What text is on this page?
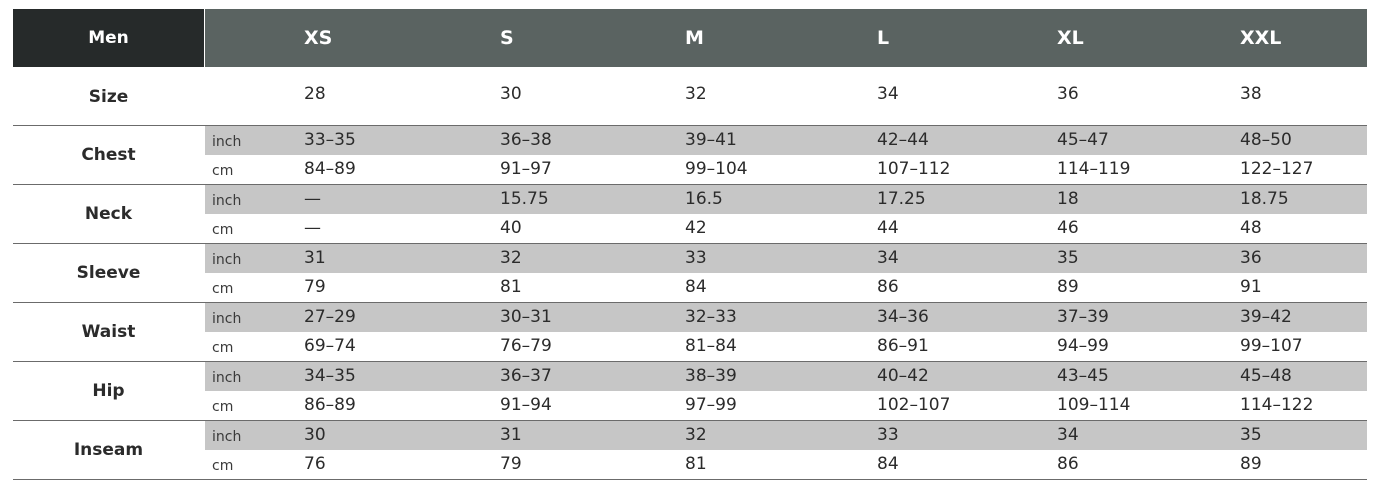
Men	XS	S	M	L	XL	XXL
Size	28	30	32	34	36	38
Chest
inch	33–35	36–38	39–41	42–44	45–47	48–50
cm	84–89	91–97	99–104	107–112	114–119	122–127
Neck
inch	—	15.75	16.5	17.25	18	18.75
cm	—	40	42	44	46	48
Sleeve
inch	31	32	33	34	35	36
cm	79	81	84	86	89	91
Waist
inch	27–29	30–31	32–33	34–36	37–39	39–42
cm	69–74	76–79	81–84	86–91	94–99	99–107
Hip
inch	34–35	36–37	38–39	40–42	43–45	45–48
cm	86–89	91–94	97–99	102–107	109–114	114–122
Inseam
inch	30	31	32	33	34	35
cm	76	79	81	84	86	89
